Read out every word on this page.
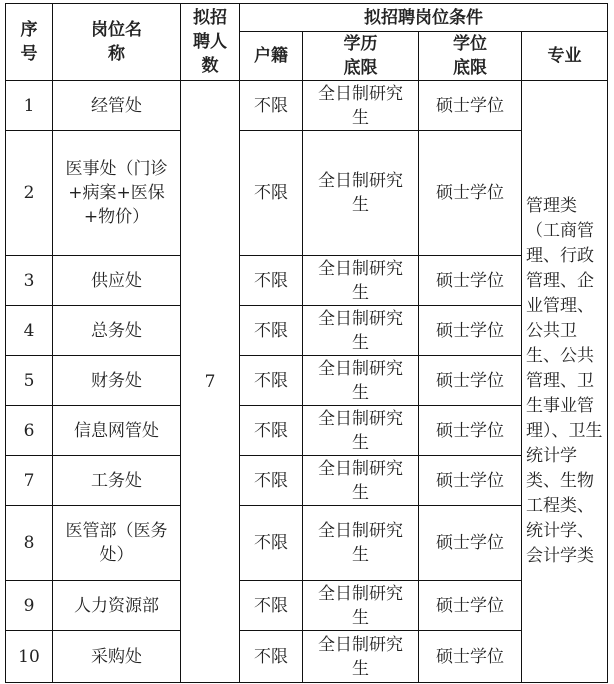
序号	岗位名称	拟招聘人数	拟招聘岗位条件			
			户籍	学历底限	学位底限	专业
1	经管处	7	不限	全日制研究生	硕士学位	管理类（工商管理、行政管理、企业管理、公共卫生、公共管理、卫生事业管理）、卫生统计学类、生物工程类、统计学、会计学类
2	医事处（门诊+病案+医保+物价）		不限	全日制研究生	硕士学位	
3	供应处		不限	全日制研究生	硕士学位	
4	总务处		不限	全日制研究生	硕士学位	
5	财务处		不限	全日制研究生	硕士学位	
6	信息网管处		不限	全日制研究生	硕士学位	
7	工务处		不限	全日制研究生	硕士学位	
8	医管部（医务处）		不限	全日制研究生	硕士学位	
9	人力资源部		不限	全日制研究生	硕士学位	
10	采购处		不限	全日制研究生	硕士学位	
